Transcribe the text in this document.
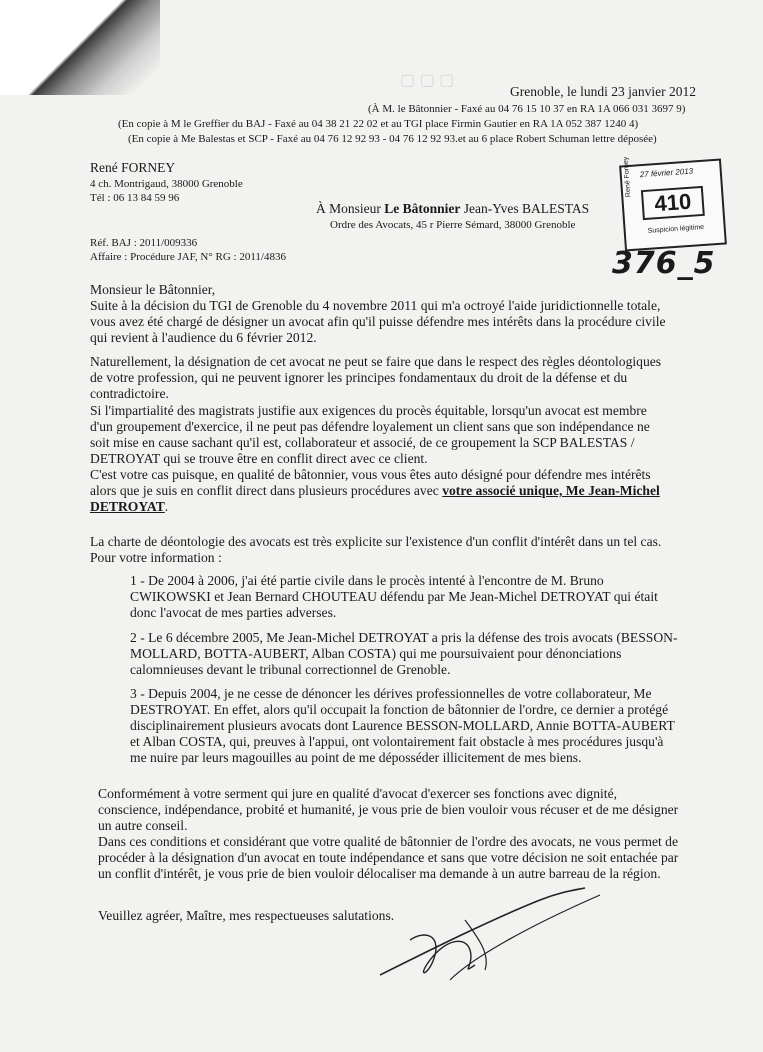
▢ ▢ ▢
Grenoble, le lundi 23 janvier 2012
(À M. le Bâtonnier - Faxé au 04 76 15 10 37 en RA 1A 066 031 3697 9)
(En copie à M le Greffier du BAJ - Faxé au 04 38 21 22 02 et au TGI place Firmin Gautier en RA 1A 052 387 1240 4)
(En copie à Me Balestas et SCP - Faxé au 04 76 12 92 93 - 04 76 12 92 93.et au 6 place Robert Schuman lettre déposée)
René FORNEY
4 ch. Montrigaud, 38000 Grenoble
Tél : 06 13 84 59 96
À Monsieur Le Bâtonnier Jean-Yves BALESTAS
Ordre des Avocats, 45 r Pierre Sémard, 38000 Grenoble
Réf. BAJ : 2011/009336
Affaire : Procédure JAF, N° RG : 2011/4836
27 février 2013
René Forney
410
Suspicion légitime
376_5
Monsieur le Bâtonnier,
Suite à la décision du TGI de Grenoble du 4 novembre 2011 qui m'a octroyé l'aide juridictionnelle totale,
vous avez été chargé de désigner un avocat afin qu'il puisse défendre mes intérêts dans la procédure civile
qui revient à l'audience du 6 février 2012.
Naturellement, la désignation de cet avocat ne peut se faire que dans le respect des règles déontologiques
de votre profession, qui ne peuvent ignorer les principes fondamentaux du droit de la défense et du
contradictoire.
Si l'impartialité des magistrats justifie aux exigences du procès équitable, lorsqu'un avocat est membre
d'un groupement d'exercice, il ne peut pas défendre loyalement un client sans que son indépendance ne
soit mise en cause sachant qu'il est, collaborateur et associé, de ce groupement la SCP BALESTAS /
DETROYAT qui se trouve être en conflit direct avec ce client.
C'est votre cas puisque, en qualité de bâtonnier, vous vous êtes auto désigné pour défendre mes intérêts
alors que je suis en conflit direct dans plusieurs procédures avec votre associé unique, Me Jean-Michel
DETROYAT.
La charte de déontologie des avocats est très explicite sur l'existence d'un conflit d'intérêt dans un tel cas.
Pour votre information :
1 - De 2004 à 2006, j'ai été partie civile dans le procès intenté à l'encontre de M. Bruno
CWIKOWSKI et Jean Bernard CHOUTEAU défendu par Me Jean-Michel DETROYAT qui était
donc l'avocat de mes parties adverses.
2 - Le 6 décembre 2005, Me Jean-Michel DETROYAT a pris la défense des trois avocats (BESSON-
MOLLARD, BOTTA-AUBERT, Alban COSTA) qui me poursuivaient pour dénonciations
calomnieuses devant le tribunal correctionnel de Grenoble.
3 - Depuis 2004, je ne cesse de dénoncer les dérives professionnelles de votre collaborateur, Me
DESTROYAT. En effet, alors qu'il occupait la fonction de bâtonnier de l'ordre, ce dernier a protégé
disciplinairement plusieurs avocats dont Laurence BESSON-MOLLARD, Annie BOTTA-AUBERT
et Alban COSTA, qui, preuves à l'appui, ont volontairement fait obstacle à mes procédures jusqu'à
me nuire par leurs magouilles au point de me déposséder illicitement de mes biens.
Conformément à votre serment qui jure en qualité d'avocat d'exercer ses fonctions avec dignité,
conscience, indépendance, probité et humanité, je vous prie de bien vouloir vous récuser et de me désigner
un autre conseil.
Dans ces conditions et considérant que votre qualité de bâtonnier de l'ordre des avocats, ne vous permet de
procéder à la désignation d'un avocat en toute indépendance et sans que votre décision ne soit entachée par
un conflit d'intérêt, je vous prie de bien vouloir délocaliser ma demande à un autre barreau de la région.
Veuillez agréer, Maître, mes respectueuses salutations.
